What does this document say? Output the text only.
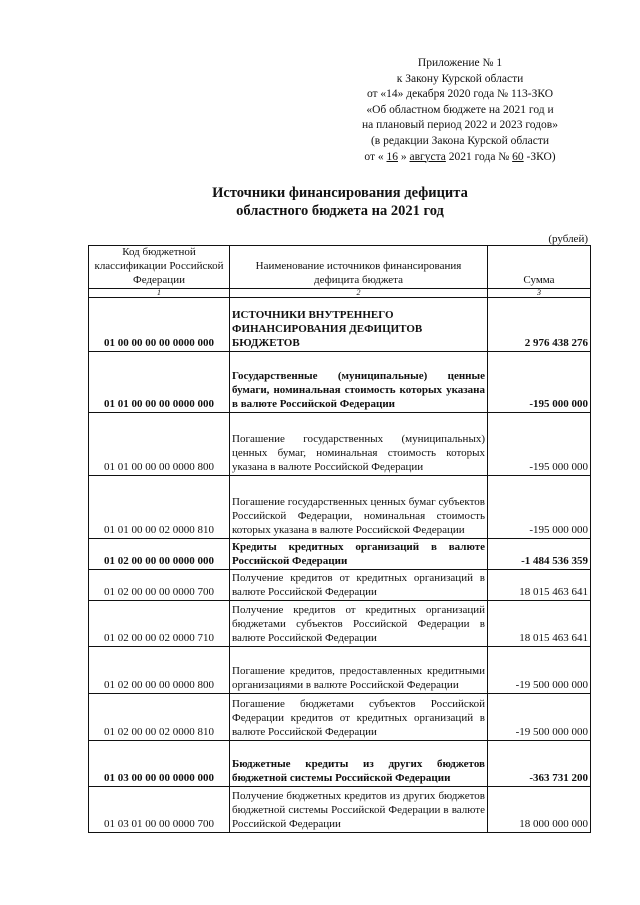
Приложение № 1
к Закону Курской области
от «14» декабря 2020 года № 113-ЗКО
«Об областном бюджете на 2021 год и
на плановый период 2022 и 2023 годов»
(в редакции Закона Курской области
от « 16 » августа 2021 года № 60 -ЗКО)
Источники финансирования дефицита
областного бюджета на 2021 год
(рублей)
Код бюджетной классификации Российской Федерации	Наименование источников финансирования дефицита бюджета	Сумма
1	2	3
01 00 00 00 00 0000 000	ИСТОЧНИКИ ВНУТРЕННЕГО ФИНАНСИРОВАНИЯ ДЕФИЦИТОВ БЮДЖЕТОВ	2 976 438 276
01 01 00 00 00 0000 000	Государственные (муниципальные) ценные бумаги, номинальная стоимость которых указана в валюте Российской Федерации	-195 000 000
01 01 00 00 00 0000 800	Погашение государственных (муниципальных) ценных бумаг, номинальная стоимость которых указана в валюте Российской Федерации	-195 000 000
01 01 00 00 02 0000 810	Погашение государственных ценных бумаг субъектов Российской Федерации, номинальная стоимость которых указана в валюте Российской Федерации	-195 000 000
01 02 00 00 00 0000 000	Кредиты кредитных организаций в валюте Российской Федерации	-1 484 536 359
01 02 00 00 00 0000 700	Получение кредитов от кредитных организаций в валюте Российской Федерации	18 015 463 641
01 02 00 00 02 0000 710	Получение кредитов от кредитных организаций бюджетами субъектов Российской Федерации в валюте Российской Федерации	18 015 463 641
01 02 00 00 00 0000 800	Погашение кредитов, предоставленных кредитными организациями в валюте Российской Федерации	-19 500 000 000
01 02 00 00 02 0000 810	Погашение бюджетами субъектов Российской Федерации кредитов от кредитных организаций в валюте Российской Федерации	-19 500 000 000
01 03 00 00 00 0000 000	Бюджетные кредиты из других бюджетов бюджетной системы Российской Федерации	-363 731 200
01 03 01 00 00 0000 700	Получение бюджетных кредитов из других бюджетов бюджетной системы Российской Федерации в валюте Российской Федерации	18 000 000 000
